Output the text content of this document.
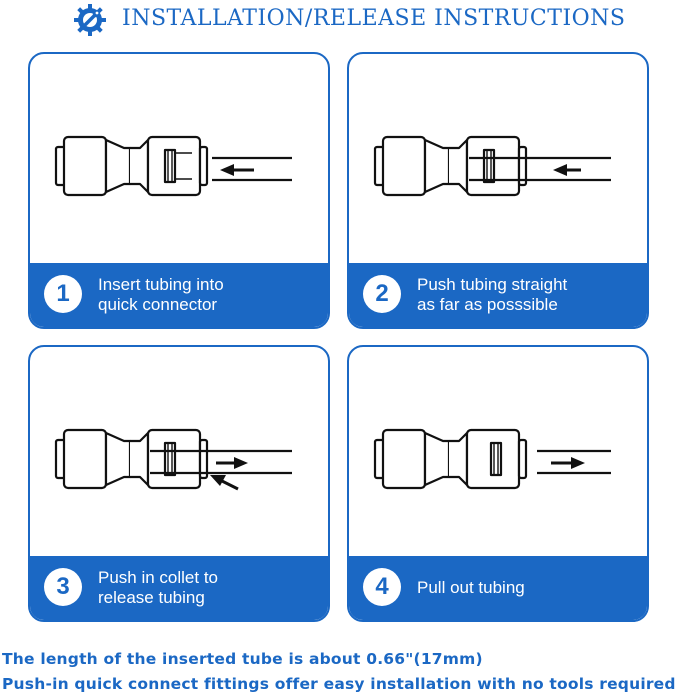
INSTALLATION/RELEASE INSTRUCTIONS
1	Insert tubing into
quick connector	2	Push tubing straight
as far as posssible
3	Push in collet to
release tubing	4	Pull out tubing
The length of the inserted tube is about 0.66"(17mm)
Push-in quick connect fittings offer easy installation with no tools required
